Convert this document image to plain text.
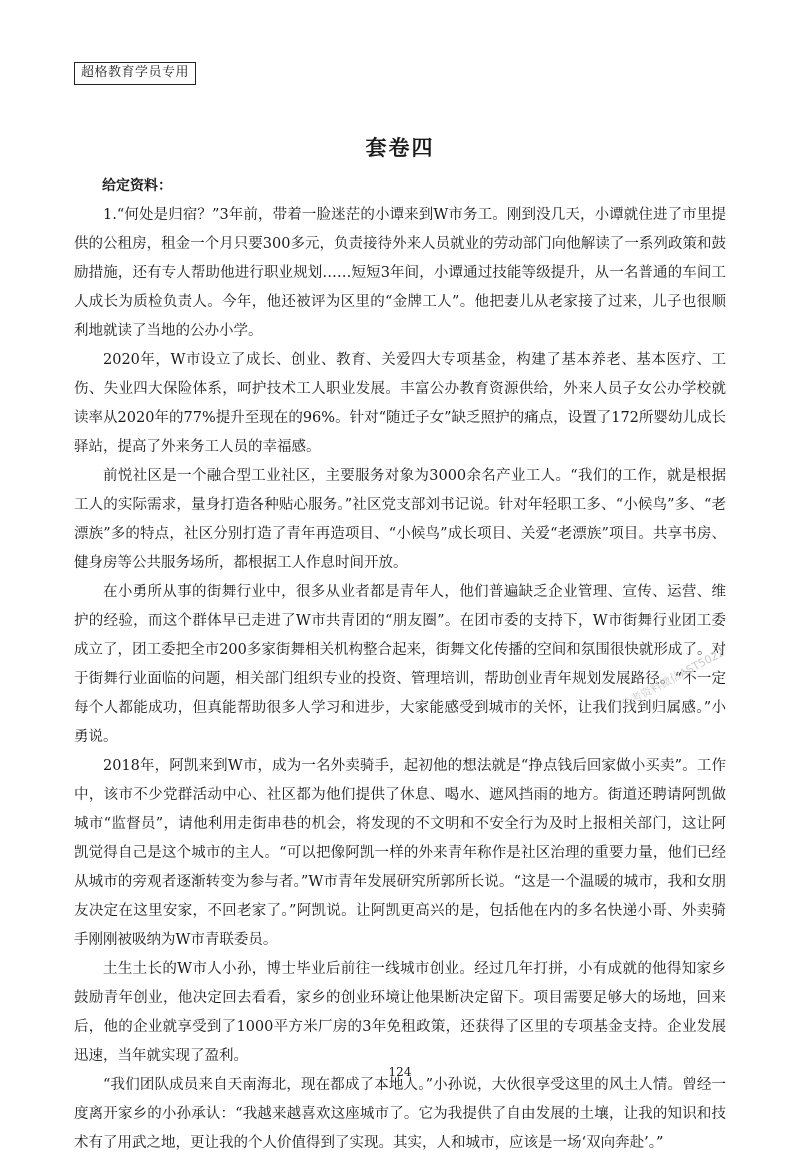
超格教育学员专用
套卷四

给定资料：

1.“何处是归宿？”3年前，带着一脸迷茫的小谭来到W市务工。刚到没几天，小谭就住进了市里提供的公租房，租金一个月只要300多元，负责接待外来人员就业的劳动部门向他解读了一系列政策和鼓励措施，还有专人帮助他进行职业规划……短短3年间，小谭通过技能等级提升，从一名普通的车间工人成长为质检负责人。今年，他还被评为区里的“金牌工人”。他把妻儿从老家接了过来，儿子也很顺利地就读了当地的公办小学。

2020年，W市设立了成长、创业、教育、关爱四大专项基金，构建了基本养老、基本医疗、工伤、失业四大保险体系，呵护技术工人职业发展。丰富公办教育资源供给，外来人员子女公办学校就读率从2020年的77%提升至现在的96%。针对“随迁子女”缺乏照护的痛点，设置了172所婴幼儿成长驿站，提高了外来务工人员的幸福感。

前悦社区是一个融合型工业社区，主要服务对象为3000余名产业工人。“我们的工作，就是根据工人的实际需求，量身打造各种贴心服务。”社区党支部刘书记说。针对年轻职工多、“小候鸟”多、“老漂族”多的特点，社区分别打造了青年再造项目、“小候鸟”成长项目、关爱“老漂族”项目。共享书房、健身房等公共服务场所，都根据工人作息时间开放。

在小勇所从事的街舞行业中，很多从业者都是青年人，他们普遍缺乏企业管理、宣传、运营、维护的经验，而这个群体早已走进了W市共青团的“朋友圈”。在团市委的支持下，W市街舞行业团工委成立了，团工委把全市200多家街舞相关机构整合起来，街舞文化传播的空间和氛围很快就形成了。对于街舞行业面临的问题，相关部门组织专业的投资、管理培训，帮助创业青年规划发展路径。“不一定每个人都能成功，但真能帮助很多人学习和进步，大家能感受到城市的关怀，让我们找到归属感。”小勇说。

2018年，阿凯来到W市，成为一名外卖骑手，起初他的想法就是“挣点钱后回家做小买卖”。工作中，该市不少党群活动中心、社区都为他们提供了休息、喝水、遮风挡雨的地方。街道还聘请阿凯做城市“监督员”，请他利用走街串巷的机会，将发现的不文明和不安全行为及时上报相关部门，这让阿凯觉得自己是这个城市的主人。“可以把像阿凯一样的外来青年称作是社区治理的重要力量，他们已经从城市的旁观者逐渐转变为参与者。”W市青年发展研究所郭所长说。“这是一个温暖的城市，我和女朋友决定在这里安家，不回老家了。”阿凯说。让阿凯更高兴的是，包括他在内的多名快递小哥、外卖骑手刚刚被吸纳为W市青联委员。

土生土长的W市人小孙，博士毕业后前往一线城市创业。经过几年打拼，小有成就的他得知家乡鼓励青年创业，他决定回去看看，家乡的创业环境让他果断决定留下。项目需要足够大的场地，回来后，他的企业就享受到了1000平方米厂房的3年免租政策，还获得了区里的专项基金支持。企业发展迅速，当年就实现了盈利。

“我们团队成员来自天南海北，现在都成了本地人。”小孙说，大伙很享受这里的风土人情。曾经一度离开家乡的小孙承认：“我越来越喜欢这座城市了。它为我提供了自由发展的土壤，让我的知识和技术有了用武之地，更让我的个人价值得到了实现。其实，人和城市，应该是一场‘双向奔赴’。”

公考资料微信AST5022
124
